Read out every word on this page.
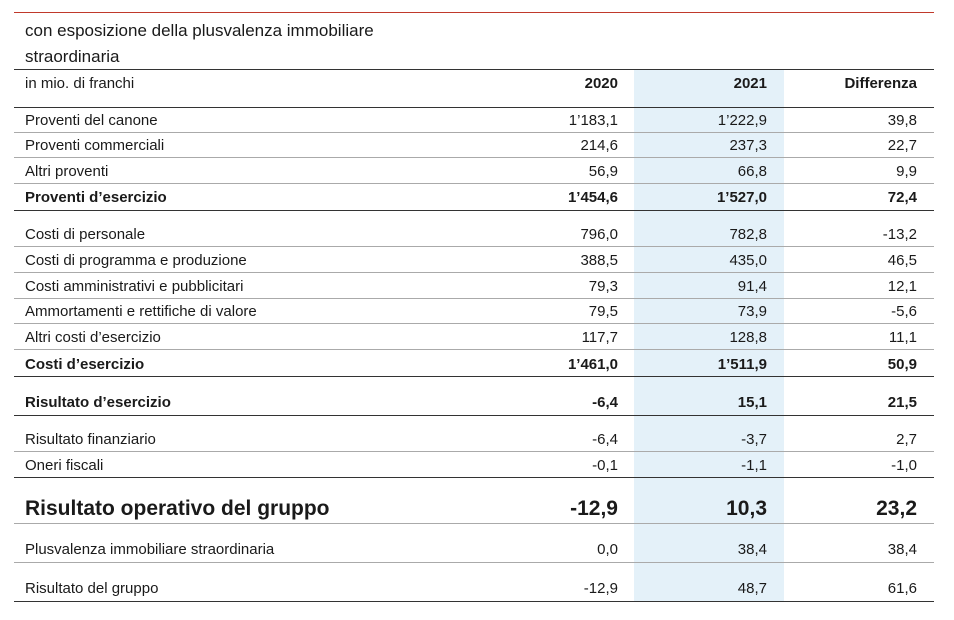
con esposizione della plusvalenza immobiliare
straordinaria
in mio. di franchi	2020	2021	Differenza
Proventi del canone	1’183,1	1’222,9	39,8
Proventi commerciali	214,6	237,3	22,7
Altri proventi	56,9	66,8	9,9
Proventi d’esercizio	1’454,6	1’527,0	72,4
Costi di personale	796,0	782,8	-13,2
Costi di programma e produzione	388,5	435,0	46,5
Costi amministrativi e pubblicitari	79,3	91,4	12,1
Ammortamenti e rettifiche di valore	79,5	73,9	-5,6
Altri costi d’esercizio	117,7	128,8	11,1
Costi d’esercizio	1’461,0	1’511,9	50,9
Risultato d’esercizio	-6,4	15,1	21,5
Risultato finanziario	-6,4	-3,7	2,7
Oneri fiscali	-0,1	-1,1	-1,0
Risultato operativo del gruppo	-12,9	10,3	23,2
Plusvalenza immobiliare straordinaria	0,0	38,4	38,4
Risultato del gruppo	-12,9	48,7	61,6
